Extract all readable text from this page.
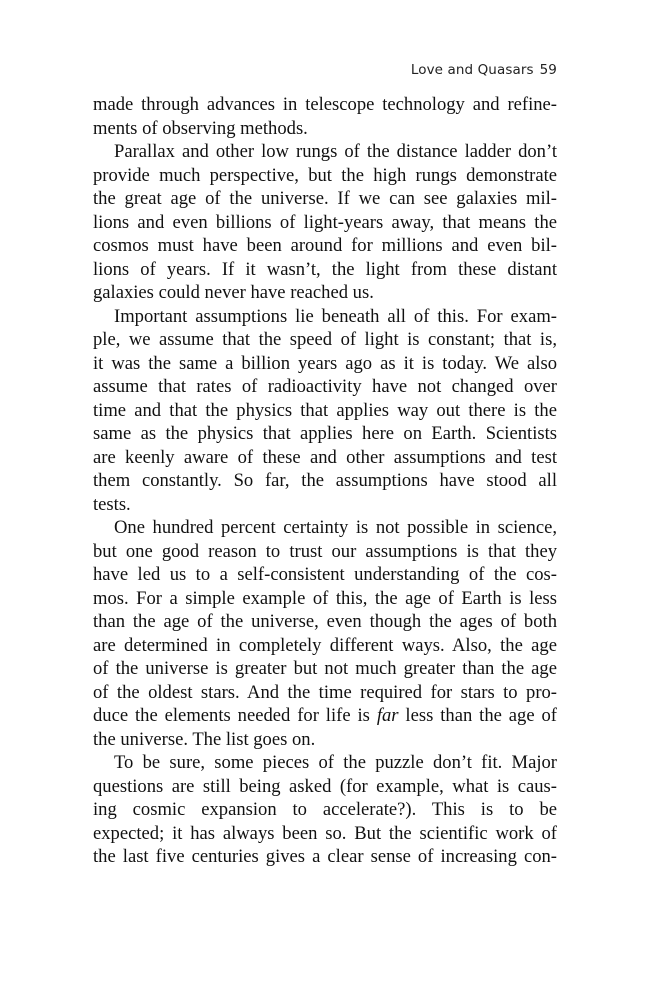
Love and Quasars 59
made through advances in telescope technology and refine-
ments of observing methods.
Parallax and other low rungs of the distance ladder don’t
provide much perspective, but the high rungs demonstrate
the great age of the universe. If we can see galaxies mil-
lions and even billions of light-years away, that means the
cosmos must have been around for millions and even bil-
lions of years. If it wasn’t, the light from these distant
galaxies could never have reached us.
Important assumptions lie beneath all of this. For exam-
ple, we assume that the speed of light is constant; that is,
it was the same a billion years ago as it is today. We also
assume that rates of radioactivity have not changed over
time and that the physics that applies way out there is the
same as the physics that applies here on Earth. Scientists
are keenly aware of these and other assumptions and test
them constantly. So far, the assumptions have stood all
tests.
One hundred percent certainty is not possible in science,
but one good reason to trust our assumptions is that they
have led us to a self-consistent understanding of the cos-
mos. For a simple example of this, the age of Earth is less
than the age of the universe, even though the ages of both
are determined in completely different ways. Also, the age
of the universe is greater but not much greater than the age
of the oldest stars. And the time required for stars to pro-
duce the elements needed for life is far less than the age of
the universe. The list goes on.
To be sure, some pieces of the puzzle don’t fit. Major
questions are still being asked (for example, what is caus-
ing cosmic expansion to accelerate?). This is to be
expected; it has always been so. But the scientific work of
the last five centuries gives a clear sense of increasing con-
